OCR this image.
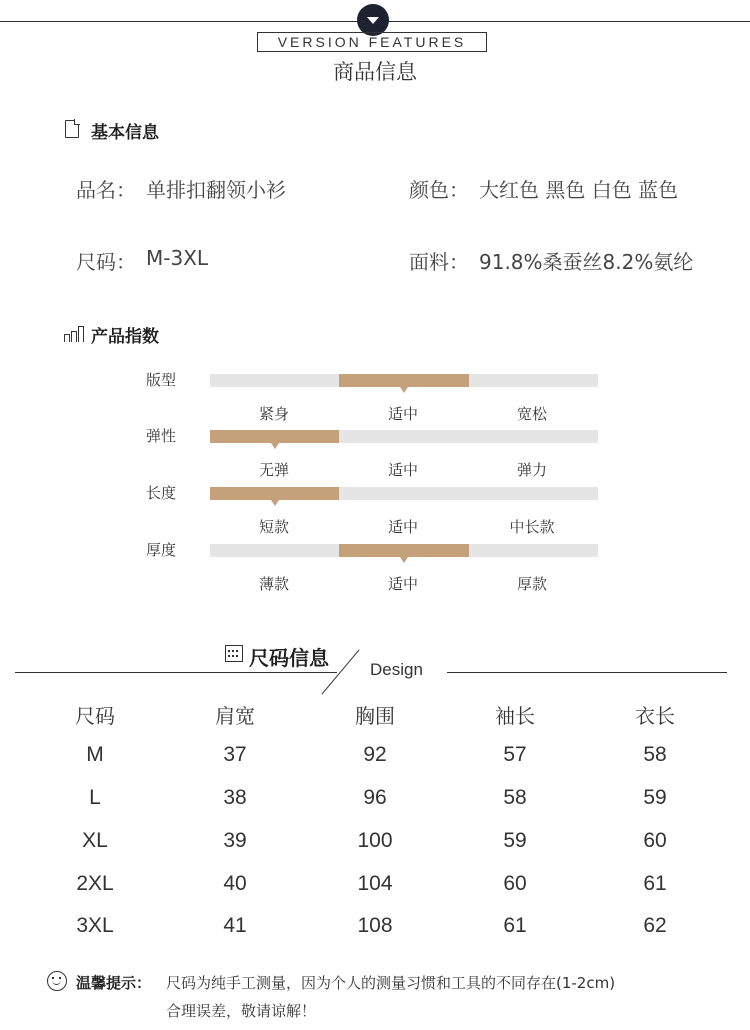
VERSION FEATURES
商品信息
基本信息
品名： 单排扣翻领小衫	颜色： 大红色 黑色 白色 蓝色
尺码： M-3XL	面料： 91.8%桑蚕丝8.2%氨纶
产品指数
版型
紧身	适中	宽松
弹性
无弹	适中	弹力
长度
短款	适中	中长款
厚度
薄款	适中	厚款
尺码信息 Design
尺码	肩宽	胸围	袖长	衣长
M	37	92	57	58
L	38	96	58	59
XL	39	100	59	60
2XL	40	104	60	61
3XL	41	108	61	62
温馨提示： 尺码为纯手工测量，因为个人的测量习惯和工具的不同存在(1-2cm)
合理误差，敬请谅解！
